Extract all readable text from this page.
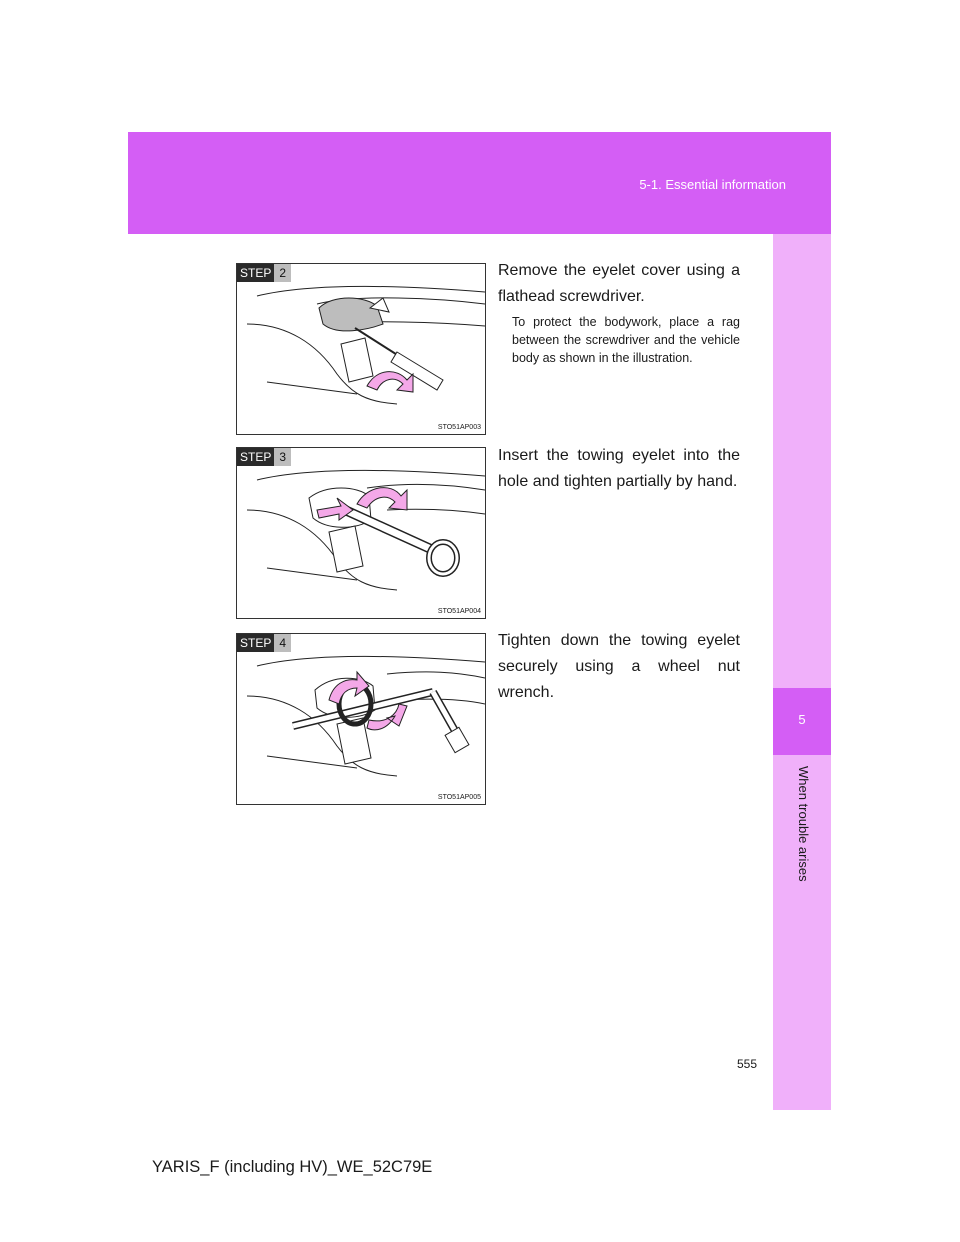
5-1. Essential information
5
When trouble arises
STEP 2
STO51AP003
Remove the eyelet cover using a flathead screwdriver.
To protect the bodywork, place a rag between the screwdriver and the vehicle body as shown in the illustration.
STEP 3
STO51AP004
Insert the towing eyelet into the hole and tighten partially by hand.
STEP 4
STO51AP005
Tighten down the towing eyelet securely using a wheel nut wrench.
555
YARIS_F (including HV)_WE_52C79E
